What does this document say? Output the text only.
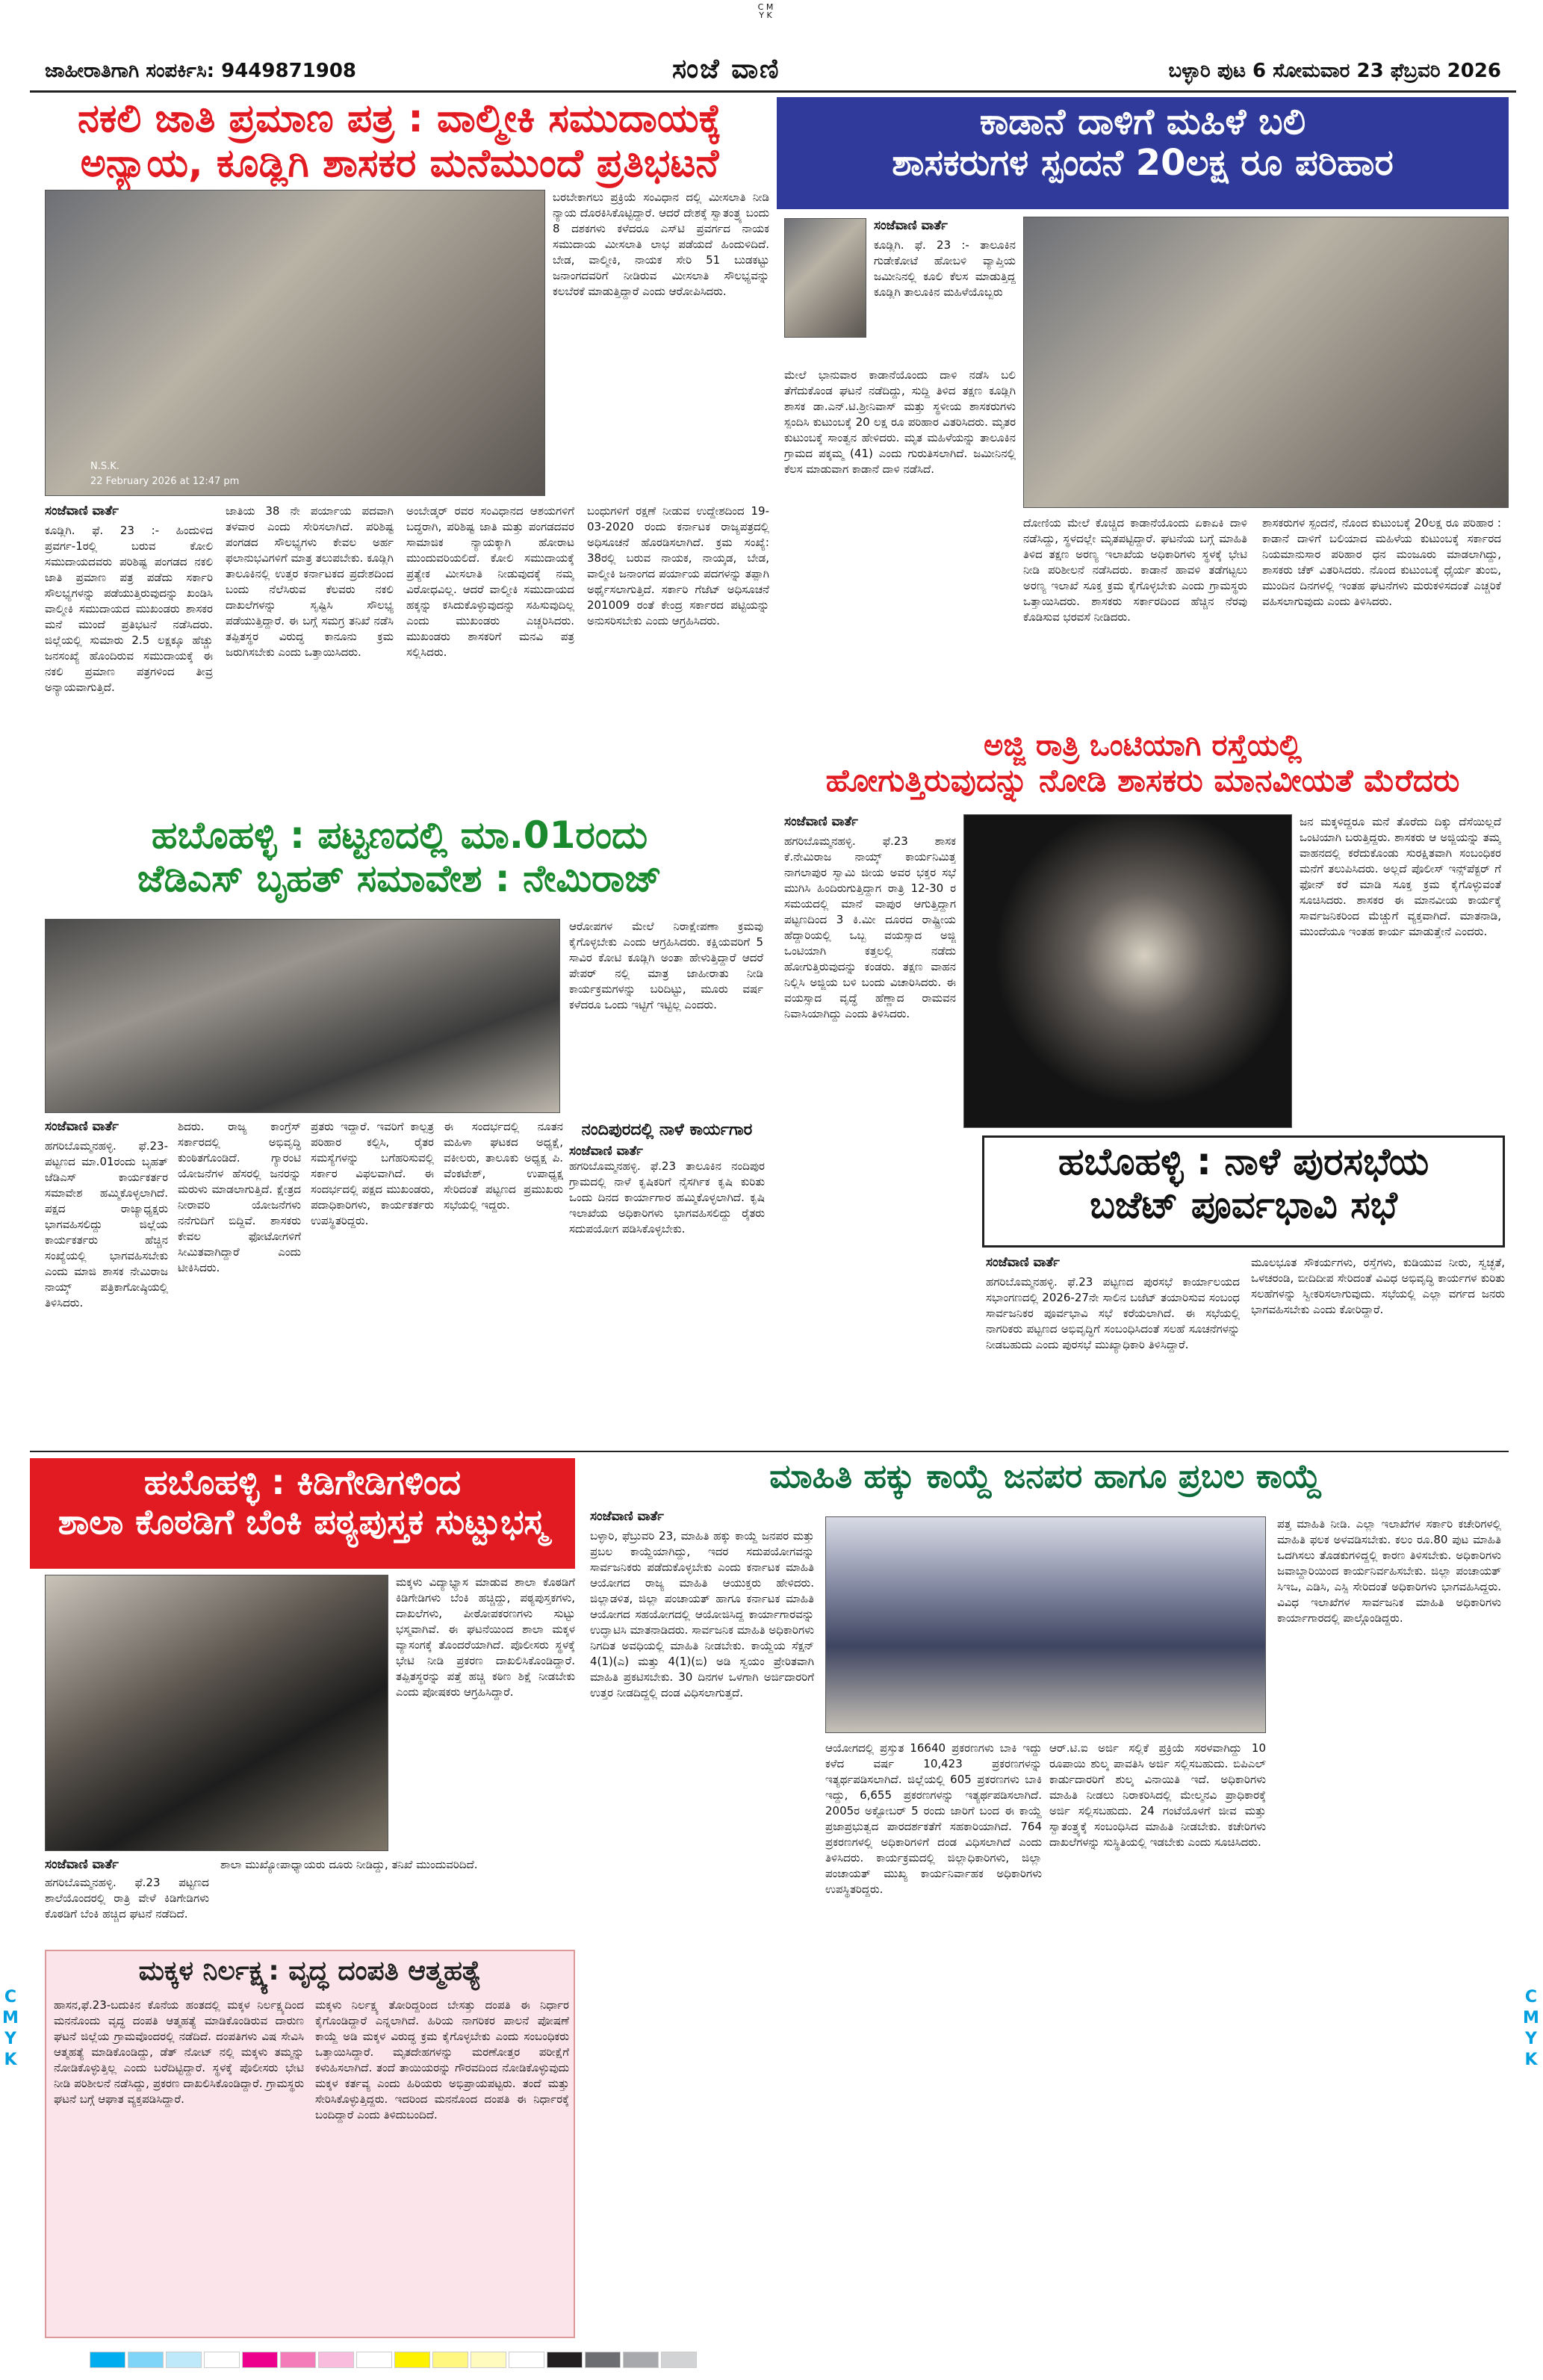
C M Y K
C M Y K
C M Y K
ಜಾಹೀರಾತಿಗಾಗಿ ಸಂಪರ್ಕಿಸಿ: 9449871908	ಸಂಜೆ ವಾಣಿ	ಬಳ್ಳಾರಿ ಪುಟ 6 ಸೋಮವಾರ 23 ಫೆಬ್ರವರಿ 2026
ನಕಲಿ ಜಾತಿ ಪ್ರಮಾಣ ಪತ್ರ : ವಾಲ್ಮೀಕಿ ಸಮುದಾಯಕ್ಕೆ
ಅನ್ಯಾಯ, ಕೂಡ್ಲಿಗಿ ಶಾಸಕರ ಮನೆಮುಂದೆ ಪ್ರತಿಭಟನೆ
N.S.K.
22 February 2026 at 12:47 pm
ಬರಬೇಕಾಗಲು ಪ್ರಕ್ರಿಯೆ ಸಂವಿಧಾನ ದಲ್ಲಿ ಮೀಸಲಾತಿ ನೀಡಿ ನ್ಯಾಯ ದೊರಕಿಸಿಕೊಟ್ಟಿದ್ದಾರೆ. ಆದರೆ ದೇಶಕ್ಕೆ ಸ್ವಾತಂತ್ರ್ಯ ಬಂದು 8 ದಶಕಗಳು ಕಳೆದರೂ ಎಸ್‌ಟಿ ಪ್ರವರ್ಗದ ನಾಯಕ ಸಮುದಾಯ ಮೀಸಲಾತಿ ಲಾಭ ಪಡೆಯದೆ ಹಿಂದುಳಿದಿದೆ. ಬೇಡ, ವಾಲ್ಮೀಕಿ, ನಾಯಕ ಸೇರಿ 51 ಬುಡಕಟ್ಟು ಜನಾಂಗದವರಿಗೆ ನೀಡಿರುವ ಮೀಸಲಾತಿ ಸೌಲಭ್ಯವನ್ನು ಕಲಬೆರಕೆ ಮಾಡುತ್ತಿದ್ದಾರೆ ಎಂದು ಆರೋಪಿಸಿದರು.
ಸಂಜೆವಾಣಿ ವಾರ್ತೆ
ಕೂಡ್ಲಿಗಿ. ಫೆ. 23 :- ಹಿಂದುಳಿದ ಪ್ರವರ್ಗ-1ರಲ್ಲಿ ಬರುವ ಕೋಲಿ ಸಮುದಾಯದವರು ಪರಿಶಿಷ್ಟ ಪಂಗಡದ ನಕಲಿ ಜಾತಿ ಪ್ರಮಾಣ ಪತ್ರ ಪಡೆದು ಸರ್ಕಾರಿ ಸೌಲಭ್ಯಗಳನ್ನು ಪಡೆಯುತ್ತಿರುವುದನ್ನು ಖಂಡಿಸಿ ವಾಲ್ಮೀಕಿ ಸಮುದಾಯದ ಮುಖಂಡರು ಶಾಸಕರ ಮನೆ ಮುಂದೆ ಪ್ರತಿಭಟನೆ ನಡೆಸಿದರು. ಜಿಲ್ಲೆಯಲ್ಲಿ ಸುಮಾರು 2.5 ಲಕ್ಷಕ್ಕೂ ಹೆಚ್ಚು ಜನಸಂಖ್ಯೆ ಹೊಂದಿರುವ ಸಮುದಾಯಕ್ಕೆ ಈ ನಕಲಿ ಪ್ರಮಾಣ ಪತ್ರಗಳಿಂದ ತೀವ್ರ ಅನ್ಯಾಯವಾಗುತ್ತಿದೆ.
ಜಾತಿಯ 38 ನೇ ಪರ್ಯಾಯ ಪದವಾಗಿ ತಳವಾರ ಎಂದು ಸೇರಿಸಲಾಗಿದೆ. ಪರಿಶಿಷ್ಟ ಪಂಗಡದ ಸೌಲಭ್ಯಗಳು ಕೇವಲ ಅರ್ಹ ಫಲಾನುಭವಿಗಳಿಗೆ ಮಾತ್ರ ತಲುಪಬೇಕು. ಕೂಡ್ಲಿಗಿ ತಾಲೂಕಿನಲ್ಲಿ ಉತ್ತರ ಕರ್ನಾಟಕದ ಪ್ರದೇಶದಿಂದ ಬಂದು ನೆಲೆಸಿರುವ ಕೆಲವರು ನಕಲಿ ದಾಖಲೆಗಳನ್ನು ಸೃಷ್ಟಿಸಿ ಸೌಲಭ್ಯ ಪಡೆಯುತ್ತಿದ್ದಾರೆ. ಈ ಬಗ್ಗೆ ಸಮಗ್ರ ತನಿಖೆ ನಡೆಸಿ ತಪ್ಪಿತಸ್ಥರ ವಿರುದ್ಧ ಕಾನೂನು ಕ್ರಮ ಜರುಗಿಸಬೇಕು ಎಂದು ಒತ್ತಾಯಿಸಿದರು.
ಅಂಬೇಡ್ಕರ್ ರವರ ಸಂವಿಧಾನದ ಆಶಯಗಳಿಗೆ ಬದ್ಧರಾಗಿ, ಪರಿಶಿಷ್ಟ ಜಾತಿ ಮತ್ತು ಪಂಗಡದವರ ಸಾಮಾಜಿಕ ನ್ಯಾಯಕ್ಕಾಗಿ ಹೋರಾಟ ಮುಂದುವರಿಯಲಿದೆ. ಕೋಲಿ ಸಮುದಾಯಕ್ಕೆ ಪ್ರತ್ಯೇಕ ಮೀಸಲಾತಿ ನೀಡುವುದಕ್ಕೆ ನಮ್ಮ ವಿರೋಧವಿಲ್ಲ. ಆದರೆ ವಾಲ್ಮೀಕಿ ಸಮುದಾಯದ ಹಕ್ಕನ್ನು ಕಸಿದುಕೊಳ್ಳುವುದನ್ನು ಸಹಿಸುವುದಿಲ್ಲ ಎಂದು ಮುಖಂಡರು ಎಚ್ಚರಿಸಿದರು. ಮುಖಂಡರು ಶಾಸಕರಿಗೆ ಮನವಿ ಪತ್ರ ಸಲ್ಲಿಸಿದರು.
ಬಂಧುಗಳಿಗೆ ರಕ್ಷಣೆ ನೀಡುವ ಉದ್ದೇಶದಿಂದ 19-03-2020 ರಂದು ಕರ್ನಾಟಕ ರಾಜ್ಯಪತ್ರದಲ್ಲಿ ಅಧಿಸೂಚನೆ ಹೊರಡಿಸಲಾಗಿದೆ. ಕ್ರಮ ಸಂಖ್ಯೆ: 38ರಲ್ಲಿ ಬರುವ ನಾಯಕ, ನಾಯ್ಕಡ, ಬೇಡ, ವಾಲ್ಮೀಕಿ ಜನಾಂಗದ ಪರ್ಯಾಯ ಪದಗಳನ್ನು ತಪ್ಪಾಗಿ ಅರ್ಥೈಸಲಾಗುತ್ತಿದೆ. ಸರ್ಕಾರಿ ಗೆಜೆಟ್ ಅಧಿಸೂಚನೆ 201009 ರಂತೆ ಕೇಂದ್ರ ಸರ್ಕಾರದ ಪಟ್ಟಿಯನ್ನು ಅನುಸರಿಸಬೇಕು ಎಂದು ಆಗ್ರಹಿಸಿದರು.
ಕಾಡಾನೆ ದಾಳಿಗೆ ಮಹಿಳೆ ಬಲಿ
ಶಾಸಕರುಗಳ ಸ್ಪಂದನೆ 20ಲಕ್ಷ ರೂ ಪರಿಹಾರ
ಸಂಜೆವಾಣಿ ವಾರ್ತೆ
ಕೂಡ್ಲಿಗಿ. ಫೆ. 23 :- ತಾಲೂಕಿನ ಗುಡೇಕೋಟೆ ಹೋಬಳಿ ವ್ಯಾಪ್ತಿಯ ಜಮೀನಿನಲ್ಲಿ ಕೂಲಿ ಕೆಲಸ ಮಾಡುತ್ತಿದ್ದ ಕೂಡ್ಲಿಗಿ ತಾಲೂಕಿನ ಮಹಿಳೆಯೊಬ್ಬರು
ಮೇಲೆ ಭಾನುವಾರ ಕಾಡಾನೆಯೊಂದು ದಾಳಿ ನಡೆಸಿ ಬಲಿ ತೆಗೆದುಕೊಂಡ ಘಟನೆ ನಡೆದಿದ್ದು, ಸುದ್ದಿ ತಿಳಿದ ತಕ್ಷಣ ಕೂಡ್ಲಿಗಿ ಶಾಸಕ ಡಾ.ಎನ್.ಟಿ.ಶ್ರೀನಿವಾಸ್ ಮತ್ತು ಸ್ಥಳೀಯ ಶಾಸಕರುಗಳು ಸ್ಪಂದಿಸಿ ಕುಟುಂಬಕ್ಕೆ 20 ಲಕ್ಷ ರೂ ಪರಿಹಾರ ವಿತರಿಸಿದರು. ಮೃತರ ಕುಟುಂಬಕ್ಕೆ ಸಾಂತ್ವನ ಹೇಳಿದರು. ಮೃತ ಮಹಿಳೆಯನ್ನು ತಾಲೂಕಿನ ಗ್ರಾಮದ ಪಕ್ಕಮ್ಮ (41) ಎಂದು ಗುರುತಿಸಲಾಗಿದೆ. ಜಮೀನಿನಲ್ಲಿ ಕೆಲಸ ಮಾಡುವಾಗ ಕಾಡಾನೆ ದಾಳಿ ನಡೆಸಿದೆ.
ದೋಣಿಯ ಮೇಲೆ ಕೊಚ್ಚಿದ ಕಾಡಾನೆಯೊಂದು ಏಕಾಏಕಿ ದಾಳಿ ನಡೆಸಿದ್ದು, ಸ್ಥಳದಲ್ಲೇ ಮೃತಪಟ್ಟಿದ್ದಾರೆ. ಘಟನೆಯ ಬಗ್ಗೆ ಮಾಹಿತಿ ತಿಳಿದ ತಕ್ಷಣ ಅರಣ್ಯ ಇಲಾಖೆಯ ಅಧಿಕಾರಿಗಳು ಸ್ಥಳಕ್ಕೆ ಭೇಟಿ ನೀಡಿ ಪರಿಶೀಲನೆ ನಡೆಸಿದರು. ಕಾಡಾನೆ ಹಾವಳಿ ತಡೆಗಟ್ಟಲು ಅರಣ್ಯ ಇಲಾಖೆ ಸೂಕ್ತ ಕ್ರಮ ಕೈಗೊಳ್ಳಬೇಕು ಎಂದು ಗ್ರಾಮಸ್ಥರು ಒತ್ತಾಯಿಸಿದರು. ಶಾಸಕರು ಸರ್ಕಾರದಿಂದ ಹೆಚ್ಚಿನ ನೆರವು ಕೊಡಿಸುವ ಭರವಸೆ ನೀಡಿದರು.
ಶಾಸಕರುಗಳ ಸ್ಪಂದನೆ, ನೊಂದ ಕುಟುಂಬಕ್ಕೆ 20ಲಕ್ಷ ರೂ ಪರಿಹಾರ : ಕಾಡಾನೆ ದಾಳಿಗೆ ಬಲಿಯಾದ ಮಹಿಳೆಯ ಕುಟುಂಬಕ್ಕೆ ಸರ್ಕಾರದ ನಿಯಮಾನುಸಾರ ಪರಿಹಾರ ಧನ ಮಂಜೂರು ಮಾಡಲಾಗಿದ್ದು, ಶಾಸಕರು ಚೆಕ್ ವಿತರಿಸಿದರು. ನೊಂದ ಕುಟುಂಬಕ್ಕೆ ಧೈರ್ಯ ತುಂಬಿ, ಮುಂದಿನ ದಿನಗಳಲ್ಲಿ ಇಂತಹ ಘಟನೆಗಳು ಮರುಕಳಿಸದಂತೆ ಎಚ್ಚರಿಕೆ ವಹಿಸಲಾಗುವುದು ಎಂದು ತಿಳಿಸಿದರು.
ಅಜ್ಜಿ ರಾತ್ರಿ ಒಂಟಿಯಾಗಿ ರಸ್ತೆಯಲ್ಲಿ
ಹೋಗುತ್ತಿರುವುದನ್ನು ನೋಡಿ ಶಾಸಕರು ಮಾನವೀಯತೆ ಮೆರೆದರು
ಸಂಜೆವಾಣಿ ವಾರ್ತೆ
ಹಗರಿಬೊಮ್ಮನಹಳ್ಳಿ. ಫೆ.23 ಶಾಸಕ ಕೆ.ನೇಮಿರಾಜ ನಾಯ್ಕ್ ಕಾರ್ಯನಿಮಿತ್ತ ನಾಗಲಾಪುರ ಸ್ವಾಮಿ ಜೀಯ ಅವರ ಭಕ್ತರ ಸಭೆ ಮುಗಿಸಿ ಹಿಂದಿರುಗುತ್ತಿದ್ದಾಗ ರಾತ್ರಿ 12-30 ರ ಸಮಯದಲ್ಲಿ ಮಾನೆ ವಾಪುರ ಆಗುತ್ತಿದ್ದಾಗ ಪಟ್ಟಣದಿಂದ 3 ಕಿ.ಮೀ ದೂರದ ರಾಷ್ಟ್ರೀಯ ಹೆದ್ದಾರಿಯಲ್ಲಿ ಒಬ್ಬ ವಯಸ್ಸಾದ ಅಜ್ಜಿ ಒಂಟಿಯಾಗಿ ಕತ್ತಲಲ್ಲಿ ನಡೆದು ಹೋಗುತ್ತಿರುವುದನ್ನು ಕಂಡರು. ತಕ್ಷಣ ವಾಹನ ನಿಲ್ಲಿಸಿ ಅಜ್ಜಿಯ ಬಳಿ ಬಂದು ವಿಚಾರಿಸಿದರು. ಈ ವಯಸ್ಸಾದ ವೃದ್ಧೆ ಹೆಣ್ಣಾದ ರಾಮವನ ನಿವಾಸಿಯಾಗಿದ್ದು ಎಂದು ತಿಳಿಸಿದರು.
ಜನ ಮಕ್ಕಳಿದ್ದರೂ ಮನೆ ತೊರೆದು ದಿಕ್ಕು ದೆಸೆಯಿಲ್ಲದೆ ಒಂಟಿಯಾಗಿ ಬರುತ್ತಿದ್ದರು. ಶಾಸಕರು ಆ ಅಜ್ಜಿಯನ್ನು ತಮ್ಮ ವಾಹನದಲ್ಲಿ ಕರೆದುಕೊಂಡು ಸುರಕ್ಷಿತವಾಗಿ ಸಂಬಂಧಿಕರ ಮನೆಗೆ ತಲುಪಿಸಿದರು. ಅಲ್ಲದೆ ಪೊಲೀಸ್ ಇನ್ಸ್‌ಪೆಕ್ಟರ್ ಗೆ ಫೋನ್ ಕರೆ ಮಾಡಿ ಸೂಕ್ತ ಕ್ರಮ ಕೈಗೊಳ್ಳುವಂತೆ ಸೂಚಿಸಿದರು. ಶಾಸಕರ ಈ ಮಾನವೀಯ ಕಾರ್ಯಕ್ಕೆ ಸಾರ್ವಜನಿಕರಿಂದ ಮೆಚ್ಚುಗೆ ವ್ಯಕ್ತವಾಗಿದೆ. ಮಾತನಾಡಿ, ಮುಂದೆಯೂ ಇಂತಹ ಕಾರ್ಯ ಮಾಡುತ್ತೇನೆ ಎಂದರು.
ಹಬೊಹಳ್ಳಿ : ಪಟ್ಟಣದಲ್ಲಿ ಮಾ.01ರಂದು
ಜೆಡಿಎಸ್ ಬೃಹತ್ ಸಮಾವೇಶ : ನೇಮಿರಾಜ್
ಆರೋಪಗಳ ಮೇಲೆ ನಿರಾಕ್ಷೇಪಣಾ ಕ್ರಮವು ಕೈಗೊಳ್ಳಬೇಕು ಎಂದು ಆಗ್ರಹಿಸಿದರು. ಕಕ್ಷಿಯವರಿಗೆ 5 ಸಾವಿರ ಕೋಟಿ ಕೂಡ್ಲಿಗಿ ಅಂತಾ ಹೇಳುತ್ತಿದ್ದಾರೆ ಆದರೆ ಪೇಪರ್ ನಲ್ಲಿ ಮಾತ್ರ ಜಾಹೀರಾತು ನೀಡಿ ಕಾರ್ಯಕ್ರಮಗಳನ್ನು ಬರಿದಿಟ್ಟು, ಮೂರು ವರ್ಷ ಕಳೆದರೂ ಒಂದು ಇಟ್ಟಿಗೆ ಇಟ್ಟಿಲ್ಲ ಎಂದರು.
ಸಂಜೆವಾಣಿ ವಾರ್ತೆ
ಹಗರಿಬೊಮ್ಮನಹಳ್ಳಿ. ಫೆ.23- ಪಟ್ಟಣದ ಮಾ.01ರಂದು ಬೃಹತ್ ಜೆಡಿಎಸ್ ಕಾರ್ಯಕರ್ತರ ಸಮಾವೇಶ ಹಮ್ಮಿಕೊಳ್ಳಲಾಗಿದೆ. ಪಕ್ಷದ ರಾಜ್ಯಾಧ್ಯಕ್ಷರು ಭಾಗವಹಿಸಲಿದ್ದು ಜಿಲ್ಲೆಯ ಕಾರ್ಯಕರ್ತರು ಹೆಚ್ಚಿನ ಸಂಖ್ಯೆಯಲ್ಲಿ ಭಾಗವಹಿಸಬೇಕು ಎಂದು ಮಾಜಿ ಶಾಸಕ ನೇಮಿರಾಜ ನಾಯ್ಕ್ ಪತ್ರಿಕಾಗೋಷ್ಠಿಯಲ್ಲಿ ತಿಳಿಸಿದರು.
ಶಿದರು. ರಾಜ್ಯ ಕಾಂಗ್ರೆಸ್ ಸರ್ಕಾರದಲ್ಲಿ ಅಭಿವೃದ್ಧಿ ಕುಂಠಿತಗೊಂಡಿದೆ. ಗ್ಯಾರಂಟಿ ಯೋಜನೆಗಳ ಹೆಸರಲ್ಲಿ ಜನರನ್ನು ಮರುಳು ಮಾಡಲಾಗುತ್ತಿದೆ. ಕ್ಷೇತ್ರದ ನೀರಾವರಿ ಯೋಜನೆಗಳು ನನೆಗುದಿಗೆ ಬಿದ್ದಿವೆ. ಶಾಸಕರು ಕೇವಲ ಫೋಟೋಗಳಿಗೆ ಸೀಮಿತವಾಗಿದ್ದಾರೆ ಎಂದು ಟೀಕಿಸಿದರು.
ಪ್ರತರು ಇದ್ದಾರೆ. ಇವರಿಗೆ ಕಾಲ್ಪತ್ರ ಪರಿಹಾರ ಕಲ್ಪಿಸಿ, ರೈತರ ಸಮಸ್ಯೆಗಳನ್ನು ಬಗೆಹರಿಸುವಲ್ಲಿ ಸರ್ಕಾರ ವಿಫಲವಾಗಿದೆ. ಈ ಸಂದರ್ಭದಲ್ಲಿ ಪಕ್ಷದ ಮುಖಂಡರು, ಪದಾಧಿಕಾರಿಗಳು, ಕಾರ್ಯಕರ್ತರು ಉಪಸ್ಥಿತರಿದ್ದರು.
ಈ ಸಂದರ್ಭದಲ್ಲಿ ನೂತನ ಮಹಿಳಾ ಘಟಕದ ಅಧ್ಯಕ್ಷೆ, ವಕೀಲರು, ತಾಲೂಕು ಅಧ್ಯಕ್ಷ ಪಿ. ವೆಂಕಟೇಶ್, ಉಪಾಧ್ಯಕ್ಷ ಸೇರಿದಂತೆ ಪಟ್ಟಣದ ಪ್ರಮುಖರು ಸಭೆಯಲ್ಲಿ ಇದ್ದರು.
ನಂದಿಪುರದಲ್ಲಿ ನಾಳೆ ಕಾರ್ಯಗಾರ
ಸಂಜೆವಾಣಿ ವಾರ್ತೆ
ಹಗರಿಬೊಮ್ಮನಹಳ್ಳಿ. ಫೆ.23 ತಾಲೂಕಿನ ನಂದಿಪುರ ಗ್ರಾಮದಲ್ಲಿ ನಾಳೆ ಕೃಷಿಕರಿಗೆ ನೈಸರ್ಗಿಕ ಕೃಷಿ ಕುರಿತು ಒಂದು ದಿನದ ಕಾರ್ಯಾಗಾರ ಹಮ್ಮಿಕೊಳ್ಳಲಾಗಿದೆ. ಕೃಷಿ ಇಲಾಖೆಯ ಅಧಿಕಾರಿಗಳು ಭಾಗವಹಿಸಲಿದ್ದು ರೈತರು ಸದುಪಯೋಗ ಪಡಿಸಿಕೊಳ್ಳಬೇಕು.
ಹಬೊಹಳ್ಳಿ : ನಾಳೆ ಪುರಸಭೆಯ
ಬಜೆಟ್ ಪೂರ್ವಭಾವಿ ಸಭೆ
ಸಂಜೆವಾಣಿ ವಾರ್ತೆ
ಹಗರಿಬೊಮ್ಮನಹಳ್ಳಿ. ಫೆ.23 ಪಟ್ಟಣದ ಪುರಸಭೆ ಕಾರ್ಯಾಲಯದ ಸಭಾಂಗಣದಲ್ಲಿ 2026-27ನೇ ಸಾಲಿನ ಬಜೆಟ್ ತಯಾರಿಸುವ ಸಂಬಂಧ ಸಾರ್ವಜನಿಕರ ಪೂರ್ವಭಾವಿ ಸಭೆ ಕರೆಯಲಾಗಿದೆ. ಈ ಸಭೆಯಲ್ಲಿ ನಾಗರಿಕರು ಪಟ್ಟಣದ ಅಭಿವೃದ್ಧಿಗೆ ಸಂಬಂಧಿಸಿದಂತೆ ಸಲಹೆ ಸೂಚನೆಗಳನ್ನು ನೀಡಬಹುದು ಎಂದು ಪುರಸಭೆ ಮುಖ್ಯಾಧಿಕಾರಿ ತಿಳಿಸಿದ್ದಾರೆ.
ಮೂಲಭೂತ ಸೌಕರ್ಯಗಳು, ರಸ್ತೆಗಳು, ಕುಡಿಯುವ ನೀರು, ಸ್ವಚ್ಛತೆ, ಒಳಚರಂಡಿ, ಬೀದಿದೀಪ ಸೇರಿದಂತೆ ವಿವಿಧ ಅಭಿವೃದ್ಧಿ ಕಾರ್ಯಗಳ ಕುರಿತು ಸಲಹೆಗಳನ್ನು ಸ್ವೀಕರಿಸಲಾಗುವುದು. ಸಭೆಯಲ್ಲಿ ಎಲ್ಲಾ ವರ್ಗದ ಜನರು ಭಾಗವಹಿಸಬೇಕು ಎಂದು ಕೋರಿದ್ದಾರೆ.
ಹಬೊಹಳ್ಳಿ : ಕಿಡಿಗೇಡಿಗಳಿಂದ
ಶಾಲಾ ಕೊಠಡಿಗೆ ಬೆಂಕಿ ಪಠ್ಯಪುಸ್ತಕ ಸುಟ್ಟುಭಸ್ಮ
ಮಕ್ಕಳು ವಿದ್ಯಾಭ್ಯಾಸ ಮಾಡುವ ಶಾಲಾ ಕೊಠಡಿಗೆ ಕಿಡಿಗೇಡಿಗಳು ಬೆಂಕಿ ಹಚ್ಚಿದ್ದು, ಪಠ್ಯಪುಸ್ತಕಗಳು, ದಾಖಲೆಗಳು, ಪೀಠೋಪಕರಣಗಳು ಸುಟ್ಟು ಭಸ್ಮವಾಗಿವೆ. ಈ ಘಟನೆಯಿಂದ ಶಾಲಾ ಮಕ್ಕಳ ವ್ಯಾಸಂಗಕ್ಕೆ ತೊಂದರೆಯಾಗಿದೆ. ಪೊಲೀಸರು ಸ್ಥಳಕ್ಕೆ ಭೇಟಿ ನೀಡಿ ಪ್ರಕರಣ ದಾಖಲಿಸಿಕೊಂಡಿದ್ದಾರೆ. ತಪ್ಪಿತಸ್ಥರನ್ನು ಪತ್ತೆ ಹಚ್ಚಿ ಕಠಿಣ ಶಿಕ್ಷೆ ನೀಡಬೇಕು ಎಂದು ಪೋಷಕರು ಆಗ್ರಹಿಸಿದ್ದಾರೆ.
ಸಂಜೆವಾಣಿ ವಾರ್ತೆ
ಹಗರಿಬೊಮ್ಮನಹಳ್ಳಿ. ಫೆ.23 ಪಟ್ಟಣದ ಶಾಲೆಯೊಂದರಲ್ಲಿ ರಾತ್ರಿ ವೇಳೆ ಕಿಡಿಗೇಡಿಗಳು ಕೊಠಡಿಗೆ ಬೆಂಕಿ ಹಚ್ಚಿದ ಘಟನೆ ನಡೆದಿದೆ.
ಶಾಲಾ ಮುಖ್ಯೋಪಾಧ್ಯಾಯರು ದೂರು ನೀಡಿದ್ದು, ತನಿಖೆ ಮುಂದುವರಿದಿದೆ.
ಮಾಹಿತಿ ಹಕ್ಕು ಕಾಯ್ದೆ ಜನಪರ ಹಾಗೂ ಪ್ರಬಲ ಕಾಯ್ದೆ
ಸಂಜೆವಾಣಿ ವಾರ್ತೆ
ಬಳ್ಳಾರಿ, ಫೆಬ್ರುವರಿ 23, ಮಾಹಿತಿ ಹಕ್ಕು ಕಾಯ್ದೆ ಜನಪರ ಮತ್ತು ಪ್ರಬಲ ಕಾಯ್ದೆಯಾಗಿದ್ದು, ಇದರ ಸದುಪಯೋಗವನ್ನು ಸಾರ್ವಜನಿಕರು ಪಡೆದುಕೊಳ್ಳಬೇಕು ಎಂದು ಕರ್ನಾಟಕ ಮಾಹಿತಿ ಆಯೋಗದ ರಾಜ್ಯ ಮಾಹಿತಿ ಆಯುಕ್ತರು ಹೇಳಿದರು. ಜಿಲ್ಲಾಡಳಿತ, ಜಿಲ್ಲಾ ಪಂಚಾಯತ್ ಹಾಗೂ ಕರ್ನಾಟಕ ಮಾಹಿತಿ ಆಯೋಗದ ಸಹಯೋಗದಲ್ಲಿ ಆಯೋಜಿಸಿದ್ದ ಕಾರ್ಯಾಗಾರವನ್ನು ಉದ್ಘಾಟಿಸಿ ಮಾತನಾಡಿದರು. ಸಾರ್ವಜನಿಕ ಮಾಹಿತಿ ಅಧಿಕಾರಿಗಳು ನಿಗದಿತ ಅವಧಿಯಲ್ಲಿ ಮಾಹಿತಿ ನೀಡಬೇಕು. ಕಾಯ್ದೆಯ ಸೆಕ್ಷನ್ 4(1)(ಎ) ಮತ್ತು 4(1)(ಬಿ) ಅಡಿ ಸ್ವಯಂ ಪ್ರೇರಿತವಾಗಿ ಮಾಹಿತಿ ಪ್ರಕಟಿಸಬೇಕು. 30 ದಿನಗಳ ಒಳಗಾಗಿ ಅರ್ಜಿದಾರರಿಗೆ ಉತ್ತರ ನೀಡದಿದ್ದಲ್ಲಿ ದಂಡ ವಿಧಿಸಲಾಗುತ್ತದೆ.
ಆಯೋಗದಲ್ಲಿ ಪ್ರಸ್ತುತ 16640 ಪ್ರಕರಣಗಳು ಬಾಕಿ ಇದ್ದು ಕಳೆದ ವರ್ಷ 10,423 ಪ್ರಕರಣಗಳನ್ನು ಇತ್ಯರ್ಥಪಡಿಸಲಾಗಿದೆ. ಜಿಲ್ಲೆಯಲ್ಲಿ 605 ಪ್ರಕರಣಗಳು ಬಾಕಿ ಇದ್ದು, 6,655 ಪ್ರಕರಣಗಳನ್ನು ಇತ್ಯರ್ಥಪಡಿಸಲಾಗಿದೆ. 2005ರ ಅಕ್ಟೋಬರ್ 5 ರಂದು ಜಾರಿಗೆ ಬಂದ ಈ ಕಾಯ್ದೆ ಪ್ರಜಾಪ್ರಭುತ್ವದ ಪಾರದರ್ಶಕತೆಗೆ ಸಹಕಾರಿಯಾಗಿದೆ. 764 ಪ್ರಕರಣಗಳಲ್ಲಿ ಅಧಿಕಾರಿಗಳಿಗೆ ದಂಡ ವಿಧಿಸಲಾಗಿದೆ ಎಂದು ತಿಳಿಸಿದರು. ಕಾರ್ಯಕ್ರಮದಲ್ಲಿ ಜಿಲ್ಲಾಧಿಕಾರಿಗಳು, ಜಿಲ್ಲಾ ಪಂಚಾಯತ್ ಮುಖ್ಯ ಕಾರ್ಯನಿರ್ವಾಹಕ ಅಧಿಕಾರಿಗಳು ಉಪಸ್ಥಿತರಿದ್ದರು.
ಆರ್.ಟಿ.ಐ ಅರ್ಜಿ ಸಲ್ಲಿಕೆ ಪ್ರಕ್ರಿಯೆ ಸರಳವಾಗಿದ್ದು 10 ರೂಪಾಯಿ ಶುಲ್ಕ ಪಾವತಿಸಿ ಅರ್ಜಿ ಸಲ್ಲಿಸಬಹುದು. ಬಿಪಿಎಲ್ ಕಾರ್ಡುದಾರರಿಗೆ ಶುಲ್ಕ ವಿನಾಯಿತಿ ಇದೆ. ಅಧಿಕಾರಿಗಳು ಮಾಹಿತಿ ನೀಡಲು ನಿರಾಕರಿಸಿದಲ್ಲಿ ಮೇಲ್ಮನವಿ ಪ್ರಾಧಿಕಾರಕ್ಕೆ ಅರ್ಜಿ ಸಲ್ಲಿಸಬಹುದು. 24 ಗಂಟೆಯೊಳಗೆ ಜೀವ ಮತ್ತು ಸ್ವಾತಂತ್ರ್ಯಕ್ಕೆ ಸಂಬಂಧಿಸಿದ ಮಾಹಿತಿ ನೀಡಬೇಕು. ಕಚೇರಿಗಳು ದಾಖಲೆಗಳನ್ನು ಸುಸ್ಥಿತಿಯಲ್ಲಿ ಇಡಬೇಕು ಎಂದು ಸೂಚಿಸಿದರು.
ಪತ್ತ ಮಾಹಿತಿ ನೀಡಿ. ಎಲ್ಲಾ ಇಲಾಖೆಗಳ ಸರ್ಕಾರಿ ಕಚೇರಿಗಳಲ್ಲಿ ಮಾಹಿತಿ ಫಲಕ ಅಳವಡಿಸಬೇಕು. ಕಲಂ ರೂ.80 ಪುಟ ಮಾಹಿತಿ ಒದಗಿಸಲು ತೊಡಕುಗಳಿದ್ದಲ್ಲಿ ಕಾರಣ ತಿಳಿಸಬೇಕು. ಅಧಿಕಾರಿಗಳು ಜವಾಬ್ದಾರಿಯಿಂದ ಕಾರ್ಯನಿರ್ವಹಿಸಬೇಕು. ಜಿಲ್ಲಾ ಪಂಚಾಯತ್ ಸಿಇಒ, ಎಡಿಸಿ, ಎಸ್ಪಿ ಸೇರಿದಂತೆ ಅಧಿಕಾರಿಗಳು ಭಾಗವಹಿಸಿದ್ದರು. ವಿವಿಧ ಇಲಾಖೆಗಳ ಸಾರ್ವಜನಿಕ ಮಾಹಿತಿ ಅಧಿಕಾರಿಗಳು ಕಾರ್ಯಾಗಾರದಲ್ಲಿ ಪಾಲ್ಗೊಂಡಿದ್ದರು.
ಮಕ್ಕಳ ನಿರ್ಲಕ್ಷ್ಯ: ವೃದ್ಧ ದಂಪತಿ ಆತ್ಮಹತ್ಯೆ
ಹಾಸನ,ಫೆ.23-ಬದುಕಿನ ಕೊನೆಯ ಹಂತದಲ್ಲಿ ಮಕ್ಕಳ ನಿರ್ಲಕ್ಷ್ಯದಿಂದ ಮನನೊಂದು ವೃದ್ಧ ದಂಪತಿ ಆತ್ಮಹತ್ಯೆ ಮಾಡಿಕೊಂಡಿರುವ ದಾರುಣ ಘಟನೆ ಜಿಲ್ಲೆಯ ಗ್ರಾಮವೊಂದರಲ್ಲಿ ನಡೆದಿದೆ. ದಂಪತಿಗಳು ವಿಷ ಸೇವಿಸಿ ಆತ್ಮಹತ್ಯೆ ಮಾಡಿಕೊಂಡಿದ್ದು, ಡೆತ್ ನೋಟ್ ನಲ್ಲಿ ಮಕ್ಕಳು ತಮ್ಮನ್ನು ನೋಡಿಕೊಳ್ಳುತ್ತಿಲ್ಲ ಎಂದು ಬರೆದಿಟ್ಟಿದ್ದಾರೆ. ಸ್ಥಳಕ್ಕೆ ಪೊಲೀಸರು ಭೇಟಿ ನೀಡಿ ಪರಿಶೀಲನೆ ನಡೆಸಿದ್ದು, ಪ್ರಕರಣ ದಾಖಲಿಸಿಕೊಂಡಿದ್ದಾರೆ. ಗ್ರಾಮಸ್ಥರು ಘಟನೆ ಬಗ್ಗೆ ಆಘಾತ ವ್ಯಕ್ತಪಡಿಸಿದ್ದಾರೆ.
ಮಕ್ಕಳು ನಿರ್ಲಕ್ಷ್ಯ ತೋರಿದ್ದರಿಂದ ಬೇಸತ್ತು ದಂಪತಿ ಈ ನಿರ್ಧಾರ ಕೈಗೊಂಡಿದ್ದಾರೆ ಎನ್ನಲಾಗಿದೆ. ಹಿರಿಯ ನಾಗರಿಕರ ಪಾಲನೆ ಪೋಷಣೆ ಕಾಯ್ದೆ ಅಡಿ ಮಕ್ಕಳ ವಿರುದ್ಧ ಕ್ರಮ ಕೈಗೊಳ್ಳಬೇಕು ಎಂದು ಸಂಬಂಧಿಕರು ಒತ್ತಾಯಿಸಿದ್ದಾರೆ. ಮೃತದೇಹಗಳನ್ನು ಮರಣೋತ್ತರ ಪರೀಕ್ಷೆಗೆ ಕಳುಹಿಸಲಾಗಿದೆ. ತಂದೆ ತಾಯಿಯರನ್ನು ಗೌರವದಿಂದ ನೋಡಿಕೊಳ್ಳುವುದು ಮಕ್ಕಳ ಕರ್ತವ್ಯ ಎಂದು ಹಿರಿಯರು ಅಭಿಪ್ರಾಯಪಟ್ಟರು. ತಂದೆ ಮತ್ತು ಸೇರಿಸಿಕೊಳ್ಳುತ್ತಿದ್ದರು. ಇದರಿಂದ ಮನನೊಂದ ದಂಪತಿ ಈ ನಿರ್ಧಾರಕ್ಕೆ ಬಂದಿದ್ದಾರೆ ಎಂದು ತಿಳಿದುಬಂದಿದೆ.
